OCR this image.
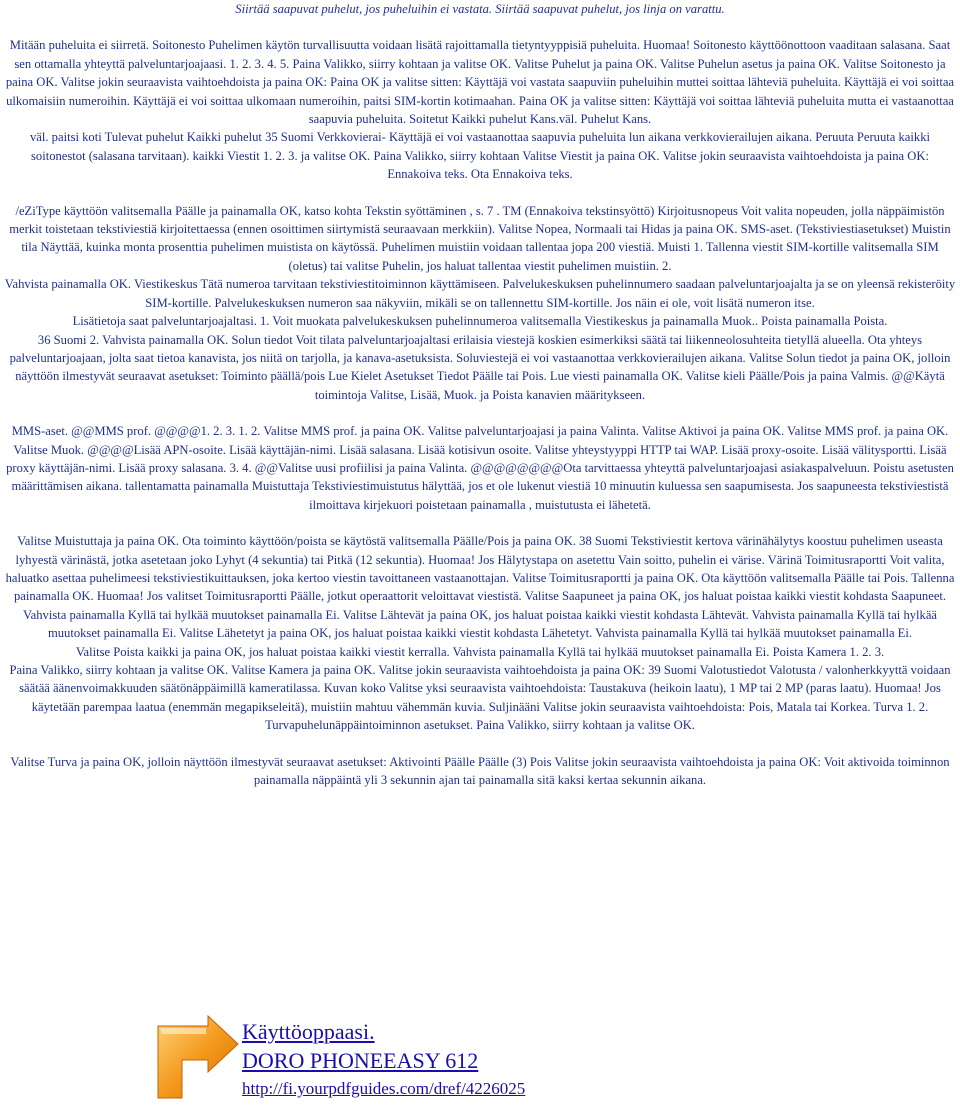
Siirtää saapuvat puhelut, jos puheluihin ei vastata. Siirtää saapuvat puhelut, jos linja on varattu.

Mitään puheluita ei siirretä. Soitonesto Puhelimen käytön turvallisuutta voidaan lisätä rajoittamalla tietyntyyppisiä puheluita. Huomaa! Soitonesto käyttöönottoon vaaditaan salasana. Saat sen ottamalla yhteyttä palveluntarjoajaasi. 1. 2. 3. 4. 5. Paina Valikko, siirry kohtaan ja valitse OK. Valitse Puhelut ja paina OK. Valitse Puhelun asetus ja paina OK. Valitse Soitonesto ja paina OK. Valitse jokin seuraavista vaihtoehdoista ja paina OK: Paina OK ja valitse sitten: Käyttäjä voi vastata saapuviin puheluihin muttei soittaa lähteviä puheluita. Käyttäjä ei voi soittaa ulkomaisiin numeroihin. Käyttäjä ei voi soittaa ulkomaan numeroihin, paitsi SIM-kortin kotimaahan. Paina OK ja valitse sitten: Käyttäjä voi soittaa lähteviä puheluita mutta ei vastaanottaa saapuvia puheluita. Soitetut Kaikki puhelut Kans.väl. Puhelut Kans.

väl. paitsi koti Tulevat puhelut Kaikki puhelut 35 Suomi Verkkovierai- Käyttäjä ei voi vastaanottaa saapuvia puheluita lun aikana verkkovierailujen aikana. Peruuta Peruuta kaikki soitonestot (salasana tarvitaan). kaikki Viestit 1. 2. 3. ja valitse OK. Paina Valikko, siirry kohtaan Valitse Viestit ja paina OK. Valitse jokin seuraavista vaihtoehdoista ja paina OK: Ennakoiva teks. Ota Ennakoiva teks.

/eZiType käyttöön valitsemalla Päälle ja painamalla OK, katso kohta Tekstin syöttäminen , s. 7 . TM (Ennakoiva tekstinsyöttö) Kirjoitusnopeus Voit valita nopeuden, jolla näppäimistön merkit toistetaan tekstiviestiä kirjoitettaessa (ennen osoittimen siirtymistä seuraavaan merkkiin). Valitse Nopea, Normaali tai Hidas ja paina OK. SMS-aset. (Tekstiviestiasetukset) Muistin tila Näyttää, kuinka monta prosenttia puhelimen muistista on käytössä. Puhelimen muistiin voidaan tallentaa jopa 200 viestiä. Muisti 1. Tallenna viestit SIM-kortille valitsemalla SIM (oletus) tai valitse Puhelin, jos haluat tallentaa viestit puhelimen muistiin. 2.

Vahvista painamalla OK. Viestikeskus Tätä numeroa tarvitaan tekstiviestitoiminnon käyttämiseen. Palvelukeskuksen puhelinnumero saadaan palveluntarjoajalta ja se on yleensä rekisteröity SIM-kortille. Palvelukeskuksen numeron saa näkyviin, mikäli se on tallennettu SIM-kortille. Jos näin ei ole, voit lisätä numeron itse.

Lisätietoja saat palveluntarjoajaltasi. 1. Voit muokata palvelukeskuksen puhelinnumeroa valitsemalla Viestikeskus ja painamalla Muok.. Poista painamalla Poista.

36 Suomi 2. Vahvista painamalla OK. Solun tiedot Voit tilata palveluntarjoajaltasi erilaisia viestejä koskien esimerkiksi säätä tai liikenneolosuhteita tietyllä alueella. Ota yhteys palveluntarjoajaan, jolta saat tietoa kanavista, jos niitä on tarjolla, ja kanava-asetuksista. Soluviestejä ei voi vastaanottaa verkkovierailujen aikana. Valitse Solun tiedot ja paina OK, jolloin näyttöön ilmestyvät seuraavat asetukset: Toiminto päällä/pois Lue Kielet Asetukset Tiedot Päälle tai Pois. Lue viesti painamalla OK. Valitse kieli Päälle/Pois ja paina Valmis. @@Käytä toimintoja Valitse, Lisää, Muok. ja Poista kanavien määritykseen.

MMS-aset. @@MMS prof. @@@@1. 2. 3. 1. 2. Valitse MMS prof. ja paina OK. Valitse palveluntarjoajasi ja paina Valinta. Valitse Aktivoi ja paina OK. Valitse MMS prof. ja paina OK. Valitse Muok. @@@@Lisää APN-osoite. Lisää käyttäjän-nimi. Lisää salasana. Lisää kotisivun osoite. Valitse yhteystyyppi HTTP tai WAP. Lisää proxy-osoite. Lisää välitysportti. Lisää proxy käyttäjän-nimi. Lisää proxy salasana. 3. 4. @@Valitse uusi profiilisi ja paina Valinta. @@@@@@@@Ota tarvittaessa yhteyttä palveluntarjoajasi asiakaspalveluun. Poistu asetusten määrittämisen aikana. tallentamatta painamalla Muistuttaja Tekstiviestimuistutus hälyttää, jos et ole lukenut viestiä 10 minuutin kuluessa sen saapumisesta. Jos saapuneesta tekstiviestistä ilmoittava kirjekuori poistetaan painamalla , muistutusta ei lähetetä.

Valitse Muistuttaja ja paina OK. Ota toiminto käyttöön/poista se käytöstä valitsemalla Päälle/Pois ja paina OK. 38 Suomi Tekstiviestit kertova värinähälytys koostuu puhelimen useasta lyhyestä värinästä, jotka asetetaan joko Lyhyt (4 sekuntia) tai Pitkä (12 sekuntia). Huomaa! Jos Hälytystapa on asetettu Vain soitto, puhelin ei värise. Värinä Toimitusraportti Voit valita, haluatko asettaa puhelimeesi tekstiviestikuittauksen, joka kertoo viestin tavoittaneen vastaanottajan. Valitse Toimitusraportti ja paina OK. Ota käyttöön valitsemalla Päälle tai Pois. Tallenna painamalla OK. Huomaa! Jos valitset Toimitusraportti Päälle, jotkut operaattorit veloittavat viestistä. Valitse Saapuneet ja paina OK, jos haluat poistaa kaikki viestit kohdasta Saapuneet. Vahvista painamalla Kyllä tai hylkää muutokset painamalla Ei. Valitse Lähtevät ja paina OK, jos haluat poistaa kaikki viestit kohdasta Lähtevät. Vahvista painamalla Kyllä tai hylkää muutokset painamalla Ei. Valitse Lähetetyt ja paina OK, jos haluat poistaa kaikki viestit kohdasta Lähetetyt. Vahvista painamalla Kyllä tai hylkää muutokset painamalla Ei.

Valitse Poista kaikki ja paina OK, jos haluat poistaa kaikki viestit kerralla. Vahvista painamalla Kyllä tai hylkää muutokset painamalla Ei. Poista Kamera 1. 2. 3.

Paina Valikko, siirry kohtaan ja valitse OK. Valitse Kamera ja paina OK. Valitse jokin seuraavista vaihtoehdoista ja paina OK: 39 Suomi Valotustiedot Valotusta / valonherkkyyttä voidaan säätää äänenvoimakkuuden säätönäppäimillä kameratilassa. Kuvan koko Valitse yksi seuraavista vaihtoehdoista: Taustakuva (heikoin laatu), 1 MP tai 2 MP (paras laatu). Huomaa! Jos käytetään parempaa laatua (enemmän megapikseleitä), muistiin mahtuu vähemmän kuvia. Suljinääni Valitse jokin seuraavista vaihtoehdoista: Pois, Matala tai Korkea. Turva 1. 2. Turvapuhelunäppäintoiminnon asetukset. Paina Valikko, siirry kohtaan ja valitse OK.

Valitse Turva ja paina OK, jolloin näyttöön ilmestyvät seuraavat asetukset: Aktivointi Päälle Päälle (3) Pois Valitse jokin seuraavista vaihtoehdoista ja paina OK: Voit aktivoida toiminnon painamalla näppäintä yli 3 sekunnin ajan tai painamalla sitä kaksi kertaa sekunnin aikana.

Käyttöoppaasi.
DORO PHONEEASY 612
http://fi.yourpdfguides.com/dref/4226025
